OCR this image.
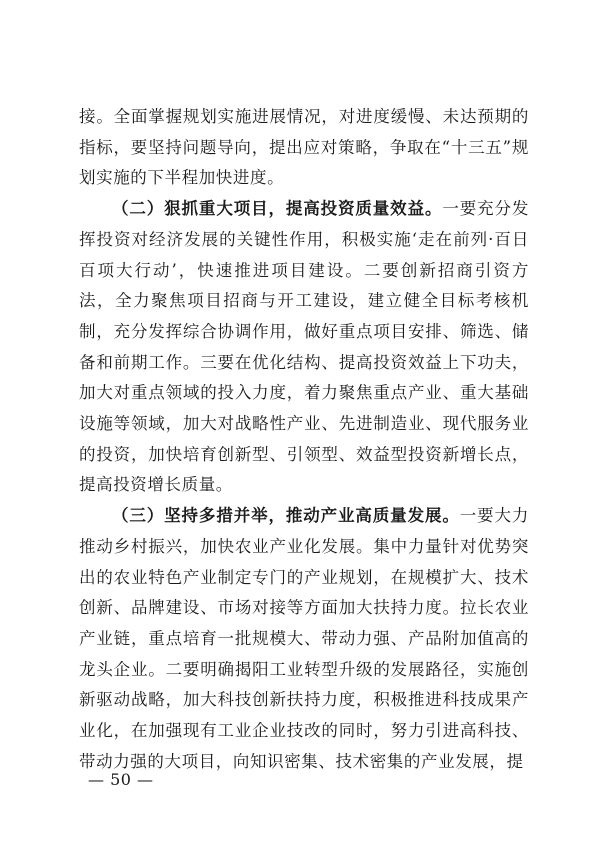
接。全面掌握规划实施进展情况，对进度缓慢、未达预期的指标，要坚持问题导向，提出应对策略，争取在“十三五”规划实施的下半程加快进度。

（二）狠抓重大项目，提高投资质量效益。一要充分发挥投资对经济发展的关键性作用，积极实施‘走在前列·百日百项大行动’，快速推进项目建设。二要创新招商引资方法，全力聚焦项目招商与开工建设，建立健全目标考核机制，充分发挥综合协调作用，做好重点项目安排、筛选、储备和前期工作。三要在优化结构、提高投资效益上下功夫，加大对重点领域的投入力度，着力聚焦重点产业、重大基础设施等领域，加大对战略性产业、先进制造业、现代服务业的投资，加快培育创新型、引领型、效益型投资新增长点，提高投资增长质量。

（三）坚持多措并举，推动产业高质量发展。一要大力推动乡村振兴，加快农业产业化发展。集中力量针对优势突出的农业特色产业制定专门的产业规划，在规模扩大、技术创新、品牌建设、市场对接等方面加大扶持力度。拉长农业产业链，重点培育一批规模大、带动力强、产品附加值高的龙头企业。二要明确揭阳工业转型升级的发展路径，实施创新驱动战略，加大科技创新扶持力度，积极推进科技成果产业化，在加强现有工业企业技改的同时，努力引进高科技、带动力强的大项目，向知识密集、技术密集的产业发展，提

— 50 —
